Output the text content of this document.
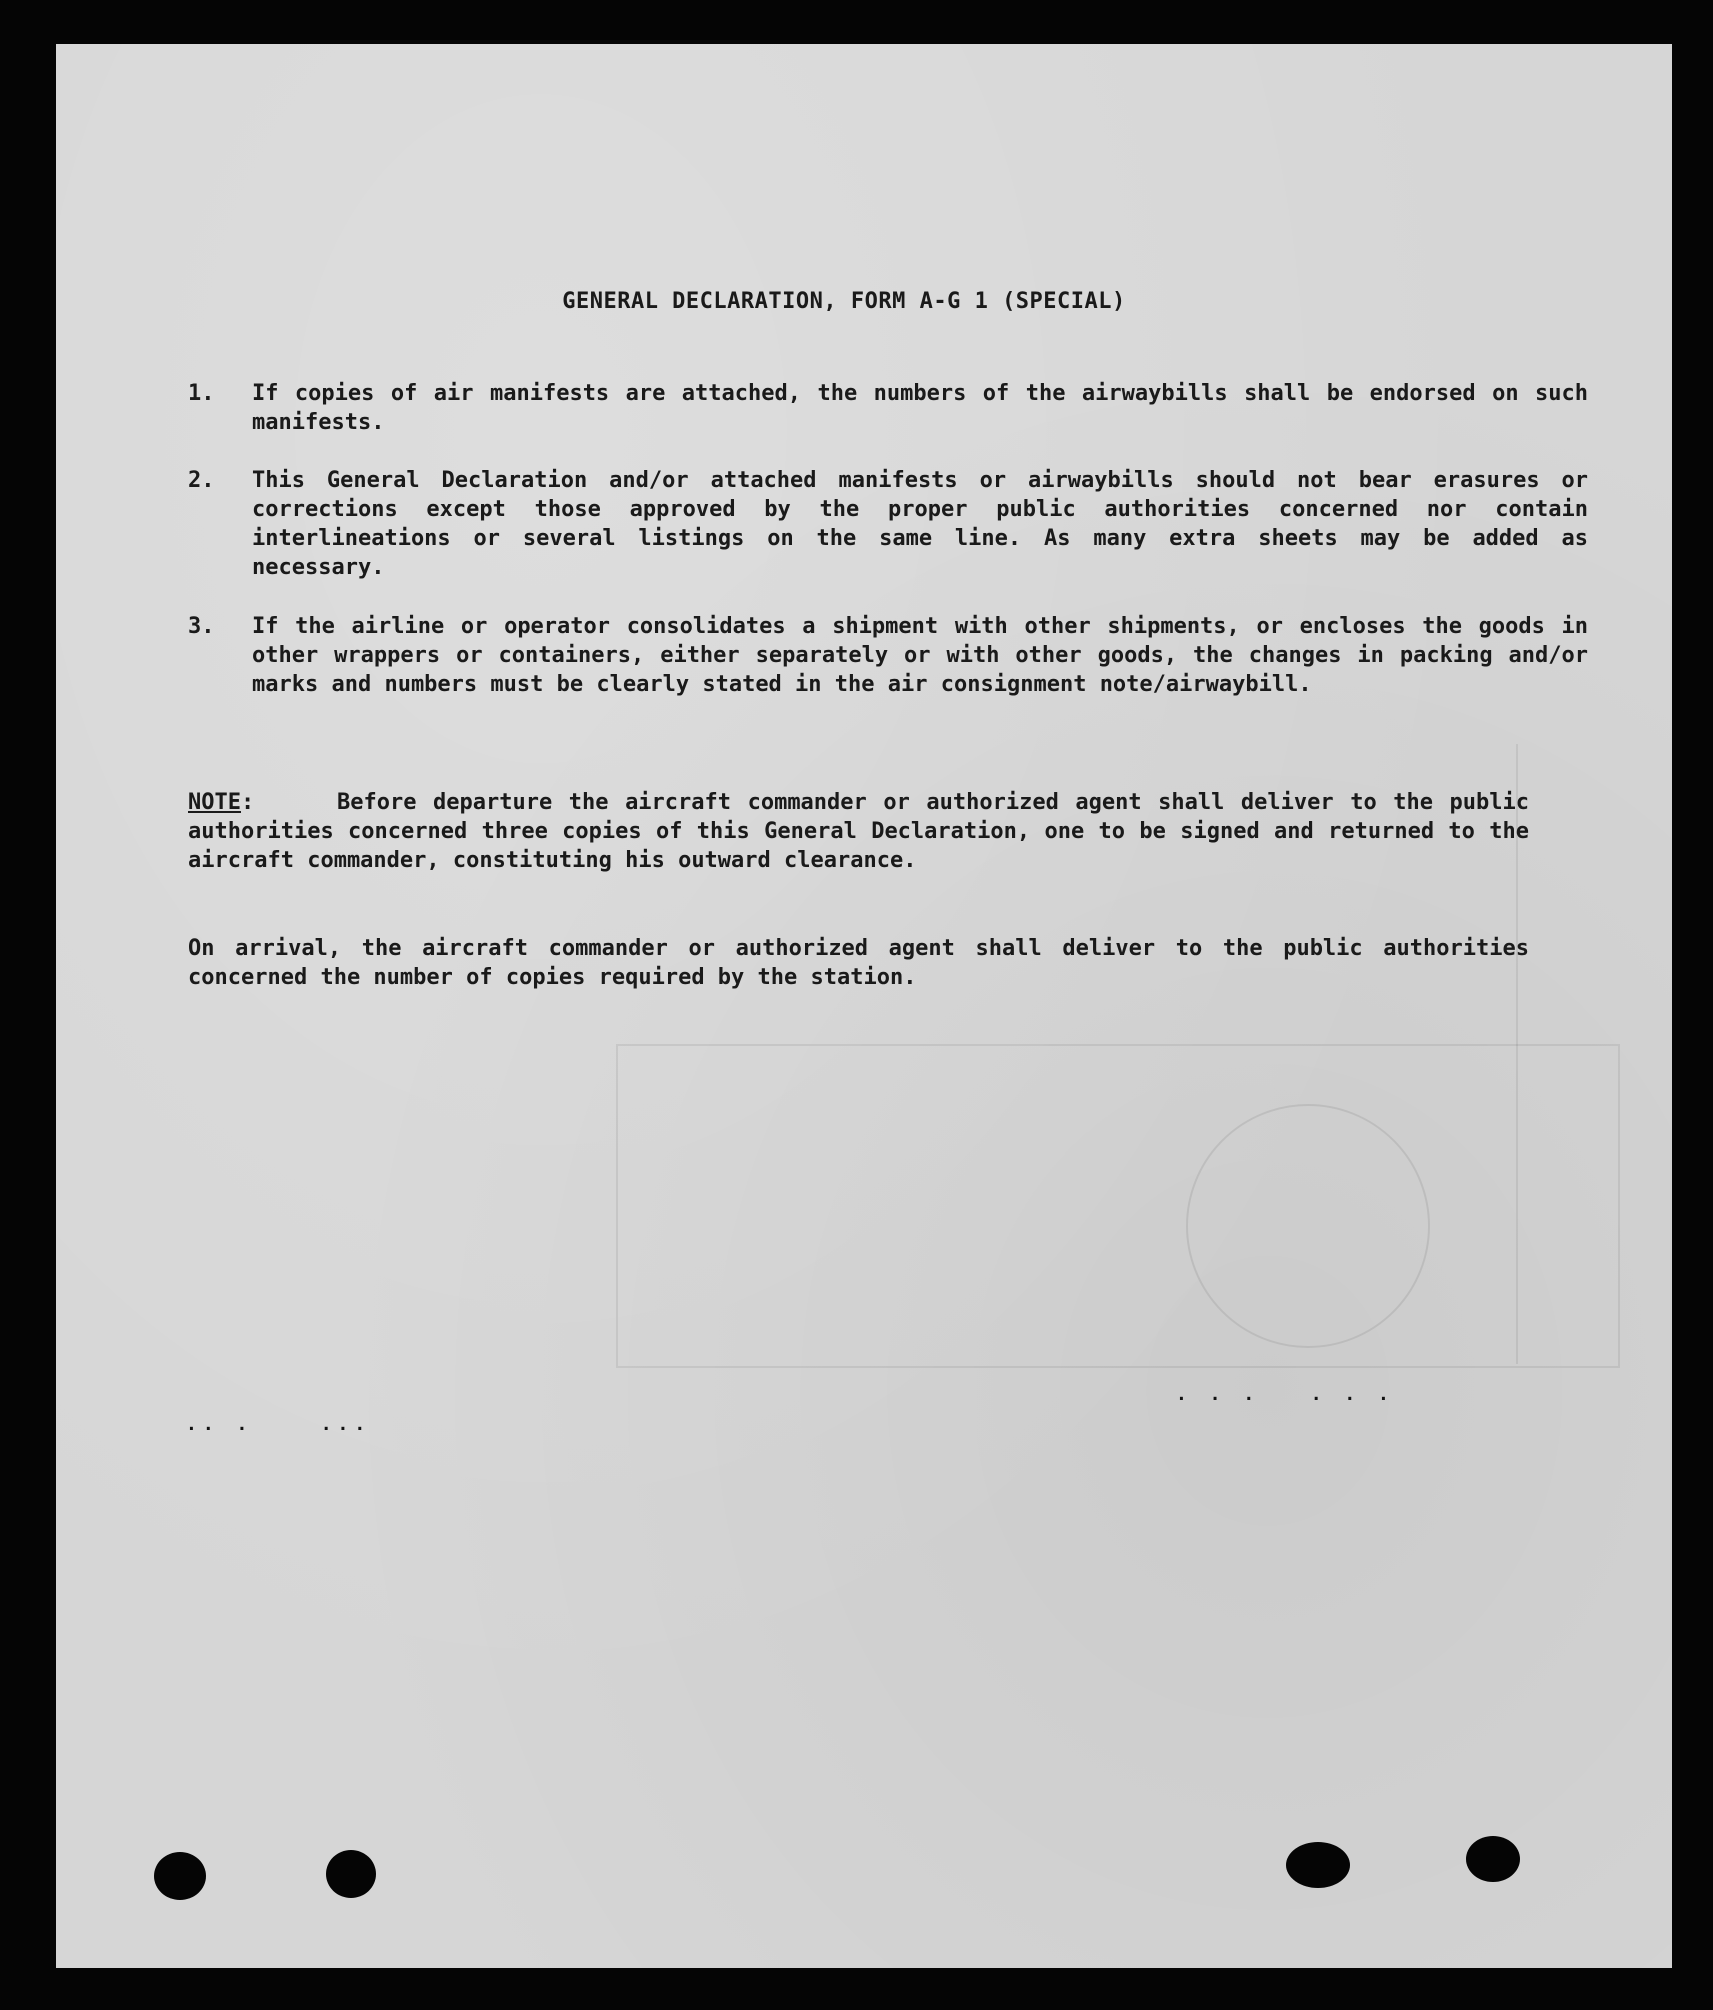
GENERAL DECLARATION, FORM A-G 1 (SPECIAL)
1.	If copies of air manifests are attached, the numbers of the airwaybills shall be endorsed on such manifests.
2.	This General Declaration and/or attached manifests or airwaybills should not bear erasures or corrections except those approved by the proper public authorities concerned nor contain interlineations or several listings on the same line. As many extra sheets may be added as necessary.
3.	If the airline or operator consolidates a shipment with other shipments, or encloses the goods in other wrappers or containers, either separately or with other goods, the changes in packing and/or marks and numbers must be clearly stated in the air consignment note/airwaybill.
NOTE:     Before departure the aircraft commander or authorized agent shall deliver to the public authorities concerned three copies of this General Declaration, one to be signed and returned to the aircraft commander, constituting his outward clearance.
On arrival, the aircraft commander or authorized agent shall deliver to the public authorities concerned the number of copies required by the station.
.. .    ...
. . .   . . .
